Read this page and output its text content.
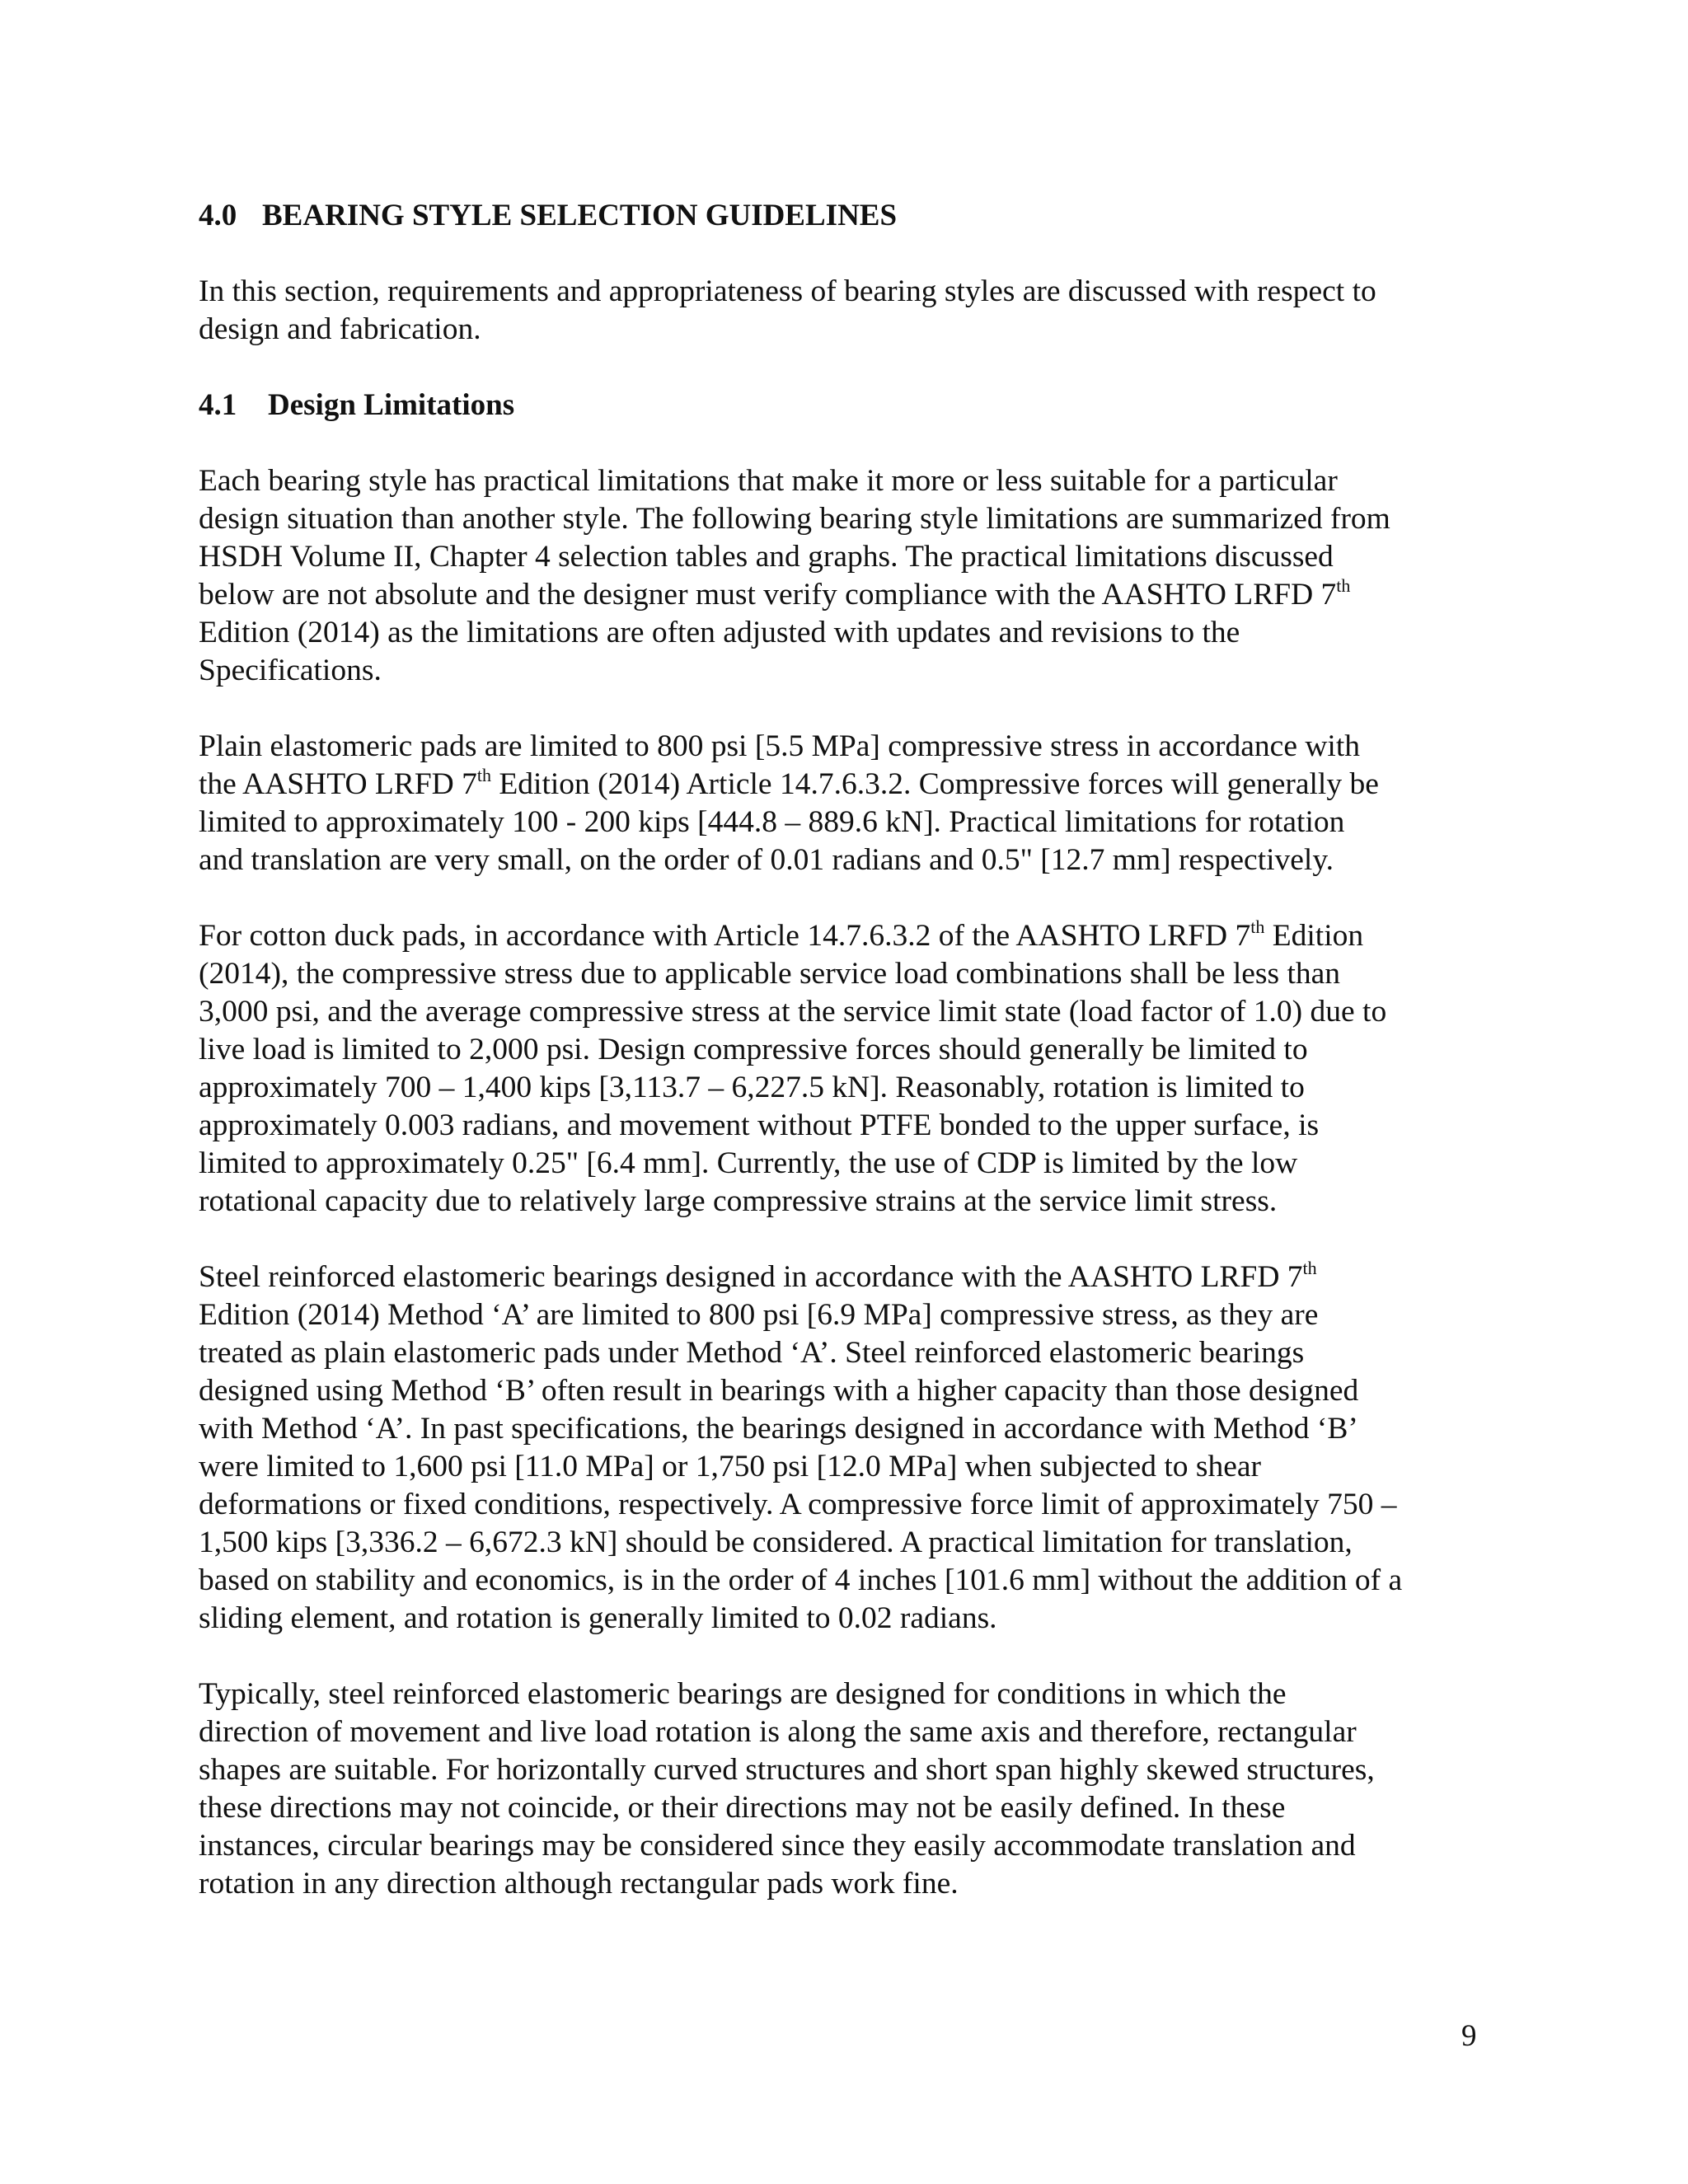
4.0 BEARING STYLE SELECTION GUIDELINES
In this section, requirements and appropriateness of bearing styles are discussed with respect to
design and fabrication.
4.1 Design Limitations
Each bearing style has practical limitations that make it more or less suitable for a particular
design situation than another style. The following bearing style limitations are summarized from
HSDH Volume II, Chapter 4 selection tables and graphs. The practical limitations discussed
below are not absolute and the designer must verify compliance with the AASHTO LRFD 7th
Edition (2014) as the limitations are often adjusted with updates and revisions to the
Specifications.
Plain elastomeric pads are limited to 800 psi [5.5 MPa] compressive stress in accordance with
the AASHTO LRFD 7th Edition (2014) Article 14.7.6.3.2. Compressive forces will generally be
limited to approximately 100 - 200 kips [444.8 – 889.6 kN]. Practical limitations for rotation
and translation are very small, on the order of 0.01 radians and 0.5" [12.7 mm] respectively.
For cotton duck pads, in accordance with Article 14.7.6.3.2 of the AASHTO LRFD 7th Edition
(2014), the compressive stress due to applicable service load combinations shall be less than
3,000 psi, and the average compressive stress at the service limit state (load factor of 1.0) due to
live load is limited to 2,000 psi. Design compressive forces should generally be limited to
approximately 700 – 1,400 kips [3,113.7 – 6,227.5 kN]. Reasonably, rotation is limited to
approximately 0.003 radians, and movement without PTFE bonded to the upper surface, is
limited to approximately 0.25" [6.4 mm]. Currently, the use of CDP is limited by the low
rotational capacity due to relatively large compressive strains at the service limit stress.
Steel reinforced elastomeric bearings designed in accordance with the AASHTO LRFD 7th
Edition (2014) Method ‘A’ are limited to 800 psi [6.9 MPa] compressive stress, as they are
treated as plain elastomeric pads under Method ‘A’. Steel reinforced elastomeric bearings
designed using Method ‘B’ often result in bearings with a higher capacity than those designed
with Method ‘A’. In past specifications, the bearings designed in accordance with Method ‘B’
were limited to 1,600 psi [11.0 MPa] or 1,750 psi [12.0 MPa] when subjected to shear
deformations or fixed conditions, respectively. A compressive force limit of approximately 750 –
1,500 kips [3,336.2 – 6,672.3 kN] should be considered. A practical limitation for translation,
based on stability and economics, is in the order of 4 inches [101.6 mm] without the addition of a
sliding element, and rotation is generally limited to 0.02 radians.
Typically, steel reinforced elastomeric bearings are designed for conditions in which the
direction of movement and live load rotation is along the same axis and therefore, rectangular
shapes are suitable. For horizontally curved structures and short span highly skewed structures,
these directions may not coincide, or their directions may not be easily defined. In these
instances, circular bearings may be considered since they easily accommodate translation and
rotation in any direction although rectangular pads work fine.
9
